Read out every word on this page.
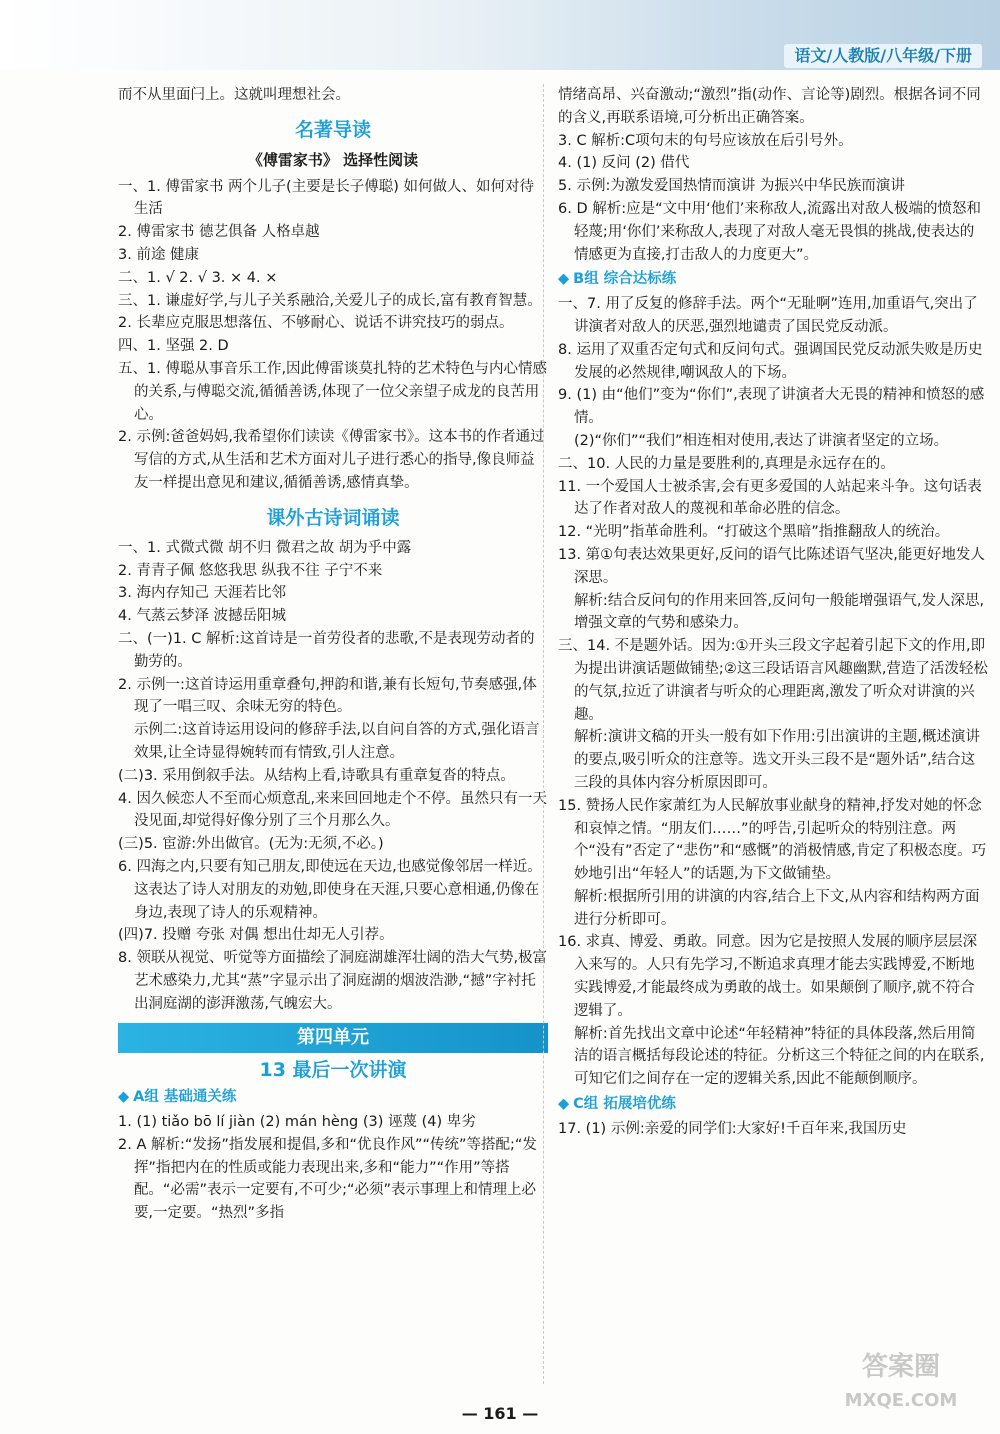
语文/人教版/八年级/下册
而不从里面闩上。这就叫理想社会。
名著导读
《傅雷家书》 选择性阅读
一、1. 傅雷家书 两个儿子(主要是长子傅聪) 如何做人、如何对待生活
2. 傅雷家书 德艺俱备 人格卓越
3. 前途 健康
二、1. √ 2. √ 3. × 4. ×
三、1. 谦虚好学,与儿子关系融洽,关爱儿子的成长,富有教育智慧。
2. 长辈应克服思想落伍、不够耐心、说话不讲究技巧的弱点。
四、1. 坚强 2. D
五、1. 傅聪从事音乐工作,因此傅雷谈莫扎特的艺术特色与内心情感的关系,与傅聪交流,循循善诱,体现了一位父亲望子成龙的良苦用心。
2. 示例:爸爸妈妈,我希望你们读读《傅雷家书》。这本书的作者通过写信的方式,从生活和艺术方面对儿子进行悉心的指导,像良师益友一样提出意见和建议,循循善诱,感情真挚。
课外古诗词诵读
一、1. 式微式微 胡不归 微君之故 胡为乎中露
2. 青青子佩 悠悠我思 纵我不往 子宁不来
3. 海内存知己 天涯若比邻
4. 气蒸云梦泽 波撼岳阳城
二、(一)1. C 解析:这首诗是一首劳役者的悲歌,不是表现劳动者的勤劳的。
2. 示例一:这首诗运用重章叠句,押韵和谐,兼有长短句,节奏感强,体现了一唱三叹、余味无穷的特色。
示例二:这首诗运用设问的修辞手法,以自问自答的方式,强化语言效果,让全诗显得婉转而有情致,引人注意。
(二)3. 采用倒叙手法。从结构上看,诗歌具有重章复沓的特点。
4. 因久候恋人不至而心烦意乱,来来回回地走个不停。虽然只有一天没见面,却觉得好像分别了三个月那么久。
(三)5. 宦游:外出做官。(无为:无须,不必。)
6. 四海之内,只要有知己朋友,即使远在天边,也感觉像邻居一样近。这表达了诗人对朋友的劝勉,即使身在天涯,只要心意相通,仍像在身边,表现了诗人的乐观精神。
(四)7. 投赠 夸张 对偶 想出仕却无人引荐。
8. 领联从视觉、听觉等方面描绘了洞庭湖雄浑壮阔的浩大气势,极富艺术感染力,尤其“蒸”字显示出了洞庭湖的烟波浩渺,“撼”字衬托出洞庭湖的澎湃激荡,气魄宏大。
第四单元
13 最后一次讲演
◆ A组 基础通关练
1. (1) tiǎo bō lí jiàn (2) mán hèng (3) 诬蔑 (4) 卑劣
2. A 解析:“发扬”指发展和提倡,多和“优良作风”“传统”等搭配;“发挥”指把内在的性质或能力表现出来,多和“能力”“作用”等搭配。“必需”表示一定要有,不可少;“必须”表示事理上和情理上必要,一定要。“热烈”多指
情绪高昂、兴奋激动;“激烈”指(动作、言论等)剧烈。根据各词不同的含义,再联系语境,可分析出正确答案。
3. C 解析:C项句末的句号应该放在后引号外。
4. (1) 反问 (2) 借代
5. 示例:为激发爱国热情而演讲 为振兴中华民族而演讲
6. D 解析:应是“文中用‘他们’来称敌人,流露出对敌人极端的愤怒和轻蔑;用‘你们’来称敌人,表现了对敌人毫无畏惧的挑战,使表达的情感更为直接,打击敌人的力度更大”。
◆ B组 综合达标练
一、7. 用了反复的修辞手法。两个“无耻啊”连用,加重语气,突出了讲演者对敌人的厌恶,强烈地谴责了国民党反动派。
8. 运用了双重否定句式和反问句式。强调国民党反动派失败是历史发展的必然规律,嘲讽敌人的下场。
9. (1) 由“他们”变为“你们”,表现了讲演者大无畏的精神和愤怒的感情。
(2)“你们”“我们”相连相对使用,表达了讲演者坚定的立场。
二、10. 人民的力量是要胜利的,真理是永远存在的。
11. 一个爱国人士被杀害,会有更多爱国的人站起来斗争。这句话表达了作者对敌人的蔑视和革命必胜的信念。
12. “光明”指革命胜利。“打破这个黑暗”指推翻敌人的统治。
13. 第①句表达效果更好,反问的语气比陈述语气坚决,能更好地发人深思。
解析:结合反问句的作用来回答,反问句一般能增强语气,发人深思,增强文章的气势和感染力。
三、14. 不是题外话。因为:①开头三段文字起着引起下文的作用,即为提出讲演话题做铺垫;②这三段话语言风趣幽默,营造了活泼轻松的气氛,拉近了讲演者与听众的心理距离,激发了听众对讲演的兴趣。
解析:演讲文稿的开头一般有如下作用:引出演讲的主题,概述演讲的要点,吸引听众的注意等。选文开头三段不是“题外话”,结合这三段的具体内容分析原因即可。
15. 赞扬人民作家萧红为人民解放事业献身的精神,抒发对她的怀念和哀悼之情。“朋友们……”的呼告,引起听众的特别注意。两个“没有”否定了“悲伤”和“感慨”的消极情感,肯定了积极态度。巧妙地引出“年轻人”的话题,为下文做铺垫。
解析:根据所引用的讲演的内容,结合上下文,从内容和结构两方面进行分析即可。
16. 求真、博爱、勇敢。同意。因为它是按照人发展的顺序层层深入来写的。人只有先学习,不断追求真理才能去实践博爱,不断地实践博爱,才能最终成为勇敢的战士。如果颠倒了顺序,就不符合逻辑了。
解析:首先找出文章中论述“年轻精神”特征的具体段落,然后用简洁的语言概括每段论述的特征。分析这三个特征之间的内在联系,可知它们之间存在一定的逻辑关系,因此不能颠倒顺序。
◆ C组 拓展培优练
17. (1) 示例:亲爱的同学们:大家好!千百年来,我国历史
— 161 —
答案圈
MXQE.COM
